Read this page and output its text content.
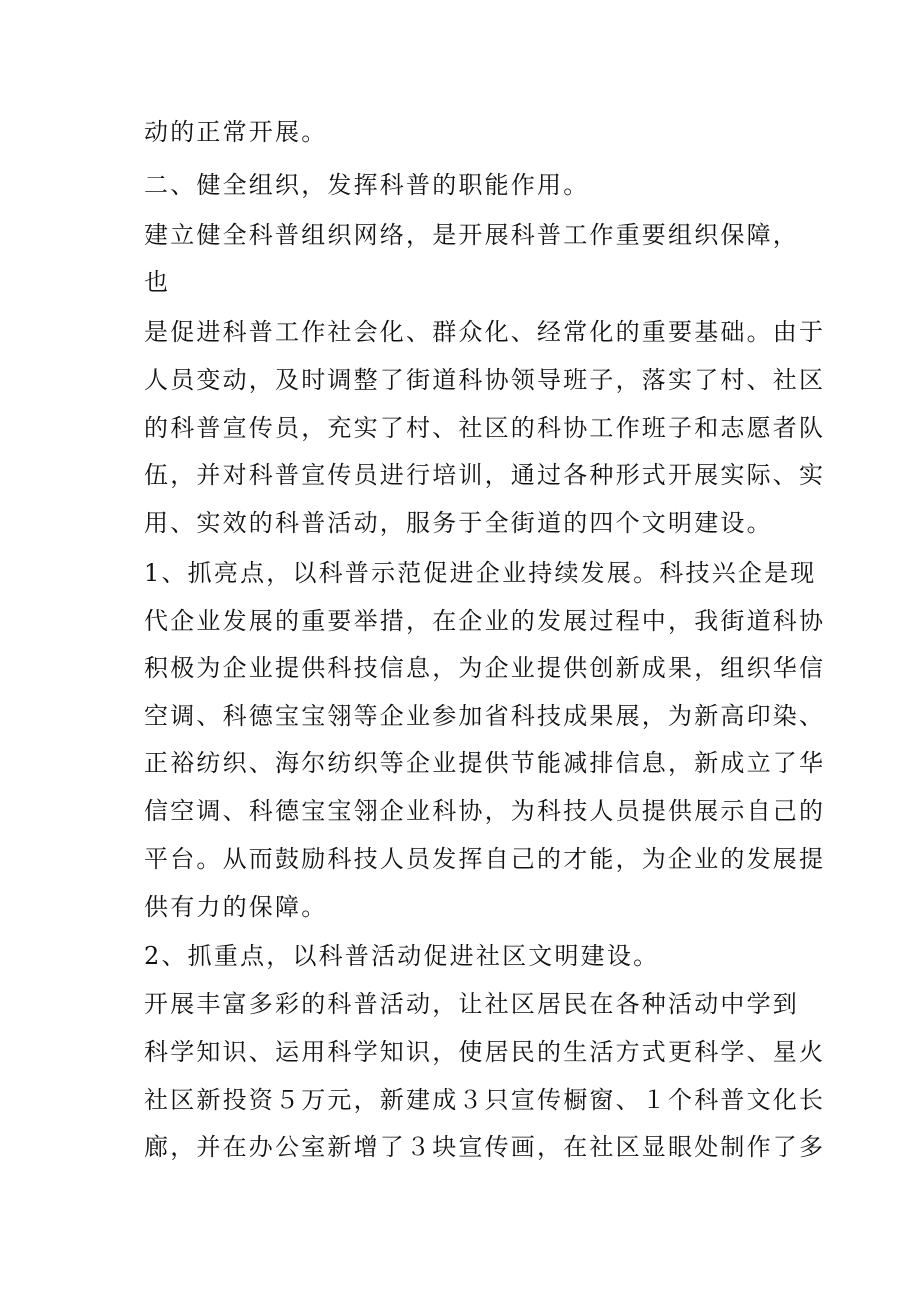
动的正常开展。
二、健全组织，发挥科普的职能作用。
建立健全科普组织网络，是开展科普工作重要组织保障，
也
是促进科普工作社会化、群众化、经常化的重要基础。由于
人员变动，及时调整了街道科协领导班子，落实了村、社区
的科普宣传员，充实了村、社区的科协工作班子和志愿者队
伍，并对科普宣传员进行培训，通过各种形式开展实际、实
用、实效的科普活动，服务于全街道的四个文明建设。
1、抓亮点，以科普示范促进企业持续发展。科技兴企是现
代企业发展的重要举措，在企业的发展过程中，我街道科协
积极为企业提供科技信息，为企业提供创新成果，组织华信
空调、科德宝宝翎等企业参加省科技成果展，为新高印染、
正裕纺织、海尔纺织等企业提供节能减排信息，新成立了华
信空调、科德宝宝翎企业科协，为科技人员提供展示自己的
平台。从而鼓励科技人员发挥自己的才能，为企业的发展提
供有力的保障。
2、抓重点，以科普活动促进社区文明建设。
开展丰富多彩的科普活动，让社区居民在各种活动中学到
科学知识、运用科学知识，使居民的生活方式更科学、星火
社区新投资５万元，新建成３只宣传橱窗、１个科普文化长
廊，并在办公室新增了３块宣传画，在社区显眼处制作了多
